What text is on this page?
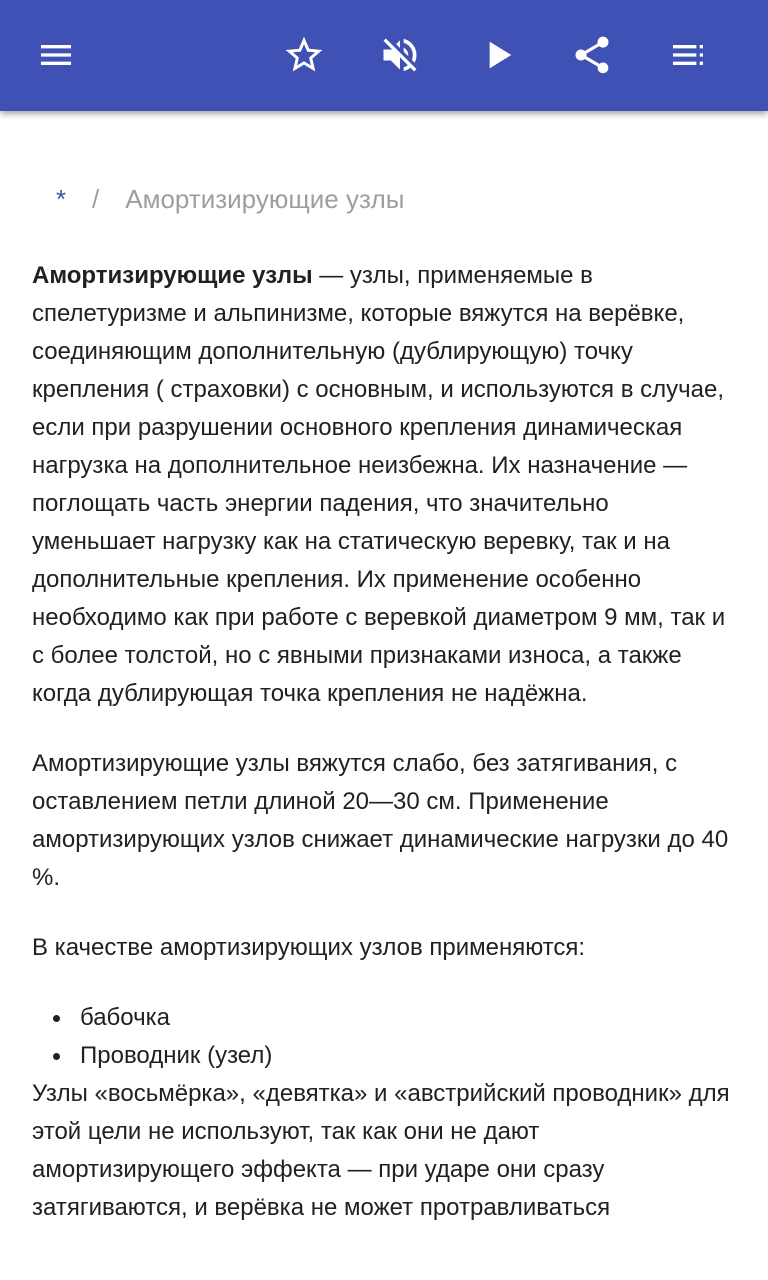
* / Амортизирующие узлы

Амортизирующие узлы — узлы, применяемые в спелетуризме и альпинизме, которые вяжутся на верёвке, соединяющим дополнительную (дублирующую) точку крепления ( страховки) с основным, и используются в случае, если при разрушении основного крепления динамическая нагрузка на дополнительное неизбежна. Их назначение — поглощать часть энергии падения, что значительно уменьшает нагрузку как на статическую веревку, так и на дополнительные крепления. Их применение особенно необходимо как при работе с веревкой диаметром 9 мм, так и с более толстой, но с явными признаками износа, а также когда дублирующая точка крепления не надёжна.

Амортизирующие узлы вяжутся слабо, без затягивания, с оставлением петли длиной 20—30 см. Применение амортизирующих узлов снижает динамические нагрузки до 40 %.

В качестве амортизирующих узлов применяются:

бабочка
Проводник (узел)

Узлы «восьмёрка», «девятка» и «австрийский проводник» для этой цели не используют, так как они не дают амортизирующего эффекта — при ударе они сразу затягиваются, и верёвка не может протравливаться
